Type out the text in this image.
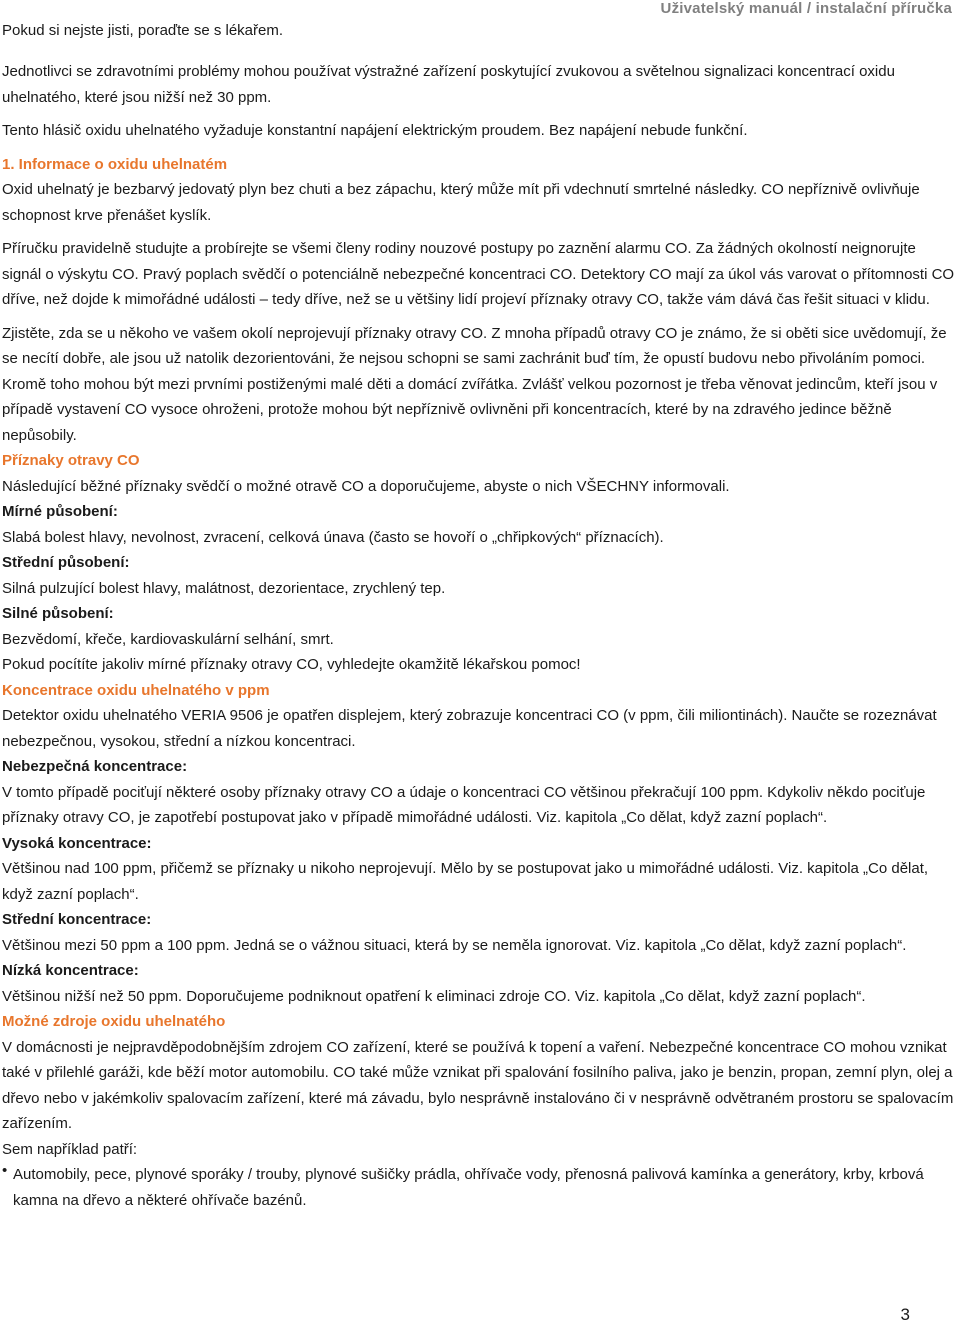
Pokud si nejste jisti, poraďte se s lékařem.
Uživatelský manuál / instalační příručka

Jednotlivci se zdravotními problémy mohou používat výstražné zařízení poskytující zvukovou a světelnou signalizaci koncentrací oxidu uhelnatého, které jsou nižší než 30 ppm.

Tento hlásič oxidu uhelnatého vyžaduje konstantní napájení elektrickým proudem. Bez napájení nebude funkční.

1. Informace o oxidu uhelnatém

Oxid uhelnatý je bezbarvý jedovatý plyn bez chuti a bez zápachu, který může mít při vdechnutí smrtelné následky. CO nepříznivě ovlivňuje schopnost krve přenášet kyslík.

Příručku pravidelně studujte a probírejte se všemi členy rodiny nouzové postupy po zaznění alarmu CO. Za žádných okolností neignorujte signál o výskytu CO. Pravý poplach svědčí o potenciálně nebezpečné koncentraci CO. Detektory CO mají za úkol vás varovat o přítomnosti CO dříve, než dojde k mimořádné události – tedy dříve, než se u většiny lidí projeví příznaky otravy CO, takže vám dává čas řešit situaci v klidu.

Zjistěte, zda se u někoho ve vašem okolí neprojevují příznaky otravy CO. Z mnoha případů otravy CO je známo, že si oběti sice uvědomují, že se necítí dobře, ale jsou už natolik dezorientováni, že nejsou schopni se sami zachránit buď tím, že opustí budovu nebo přivoláním pomoci. Kromě toho mohou být mezi prvními postiženými malé děti a domácí zvířátka. Zvlášť velkou pozornost je třeba věnovat jedincům, kteří jsou v případě vystavení CO vysoce ohroženi, protože mohou být nepříznivě ovlivněni při koncentracích, které by na zdravého jedince běžně nepůsobily.

Příznaky otravy CO

Následující běžné příznaky svědčí o možné otravě CO a doporučujeme, abyste o nich VŠECHNY informovali.

Mírné působení:

Slabá bolest hlavy, nevolnost, zvracení, celková únava (často se hovoří o „chřipkových“ příznacích).

Střední působení:

Silná pulzující bolest hlavy, malátnost, dezorientace, zrychlený tep.

Silné působení:

Bezvědomí, křeče, kardiovaskulární selhání, smrt.

Pokud pocítíte jakoliv mírné příznaky otravy CO, vyhledejte okamžitě lékařskou pomoc!

Koncentrace oxidu uhelnatého v ppm

Detektor oxidu uhelnatého VERIA 9506 je opatřen displejem, který zobrazuje koncentraci CO (v ppm, čili miliontinách). Naučte se rozeznávat nebezpečnou, vysokou, střední a nízkou koncentraci.

Nebezpečná koncentrace:

V tomto případě pociťují některé osoby příznaky otravy CO a údaje o koncentraci CO většinou překračují 100 ppm. Kdykoliv někdo pociťuje příznaky otravy CO, je zapotřebí postupovat jako v případě mimořádné události. Viz. kapitola „Co dělat, když zazní poplach“.

Vysoká koncentrace:

Většinou nad 100 ppm, přičemž se příznaky u nikoho neprojevují. Mělo by se postupovat jako u mimořádné události. Viz. kapitola „Co dělat, když zazní poplach“.

Střední koncentrace:

Většinou mezi 50 ppm a 100 ppm. Jedná se o vážnou situaci, která by se neměla ignorovat. Viz. kapitola „Co dělat, když zazní poplach“.

Nízká koncentrace:

Většinou nižší než 50 ppm. Doporučujeme podniknout opatření k eliminaci zdroje CO. Viz. kapitola „Co dělat, když zazní poplach“.

Možné zdroje oxidu uhelnatého

V domácnosti je nejpravděpodobnějším zdrojem CO zařízení, které se používá k topení a vaření. Nebezpečné koncentrace CO mohou vznikat také v přilehlé garáži, kde běží motor automobilu. CO také může vznikat při spalování fosilního paliva, jako je benzin, propan, zemní plyn, olej a dřevo nebo v jakémkoliv spalovacím zařízení, které má závadu, bylo nesprávně instalováno či v nesprávně odvětraném prostoru se spalovacím zařízením.

Sem například patří:

• Automobily, pece, plynové sporáky / trouby, plynové sušičky prádla, ohřívače vody, přenosná palivová kamínka a generátory, krby, krbová kamna na dřevo a některé ohřívače bazénů.

3
